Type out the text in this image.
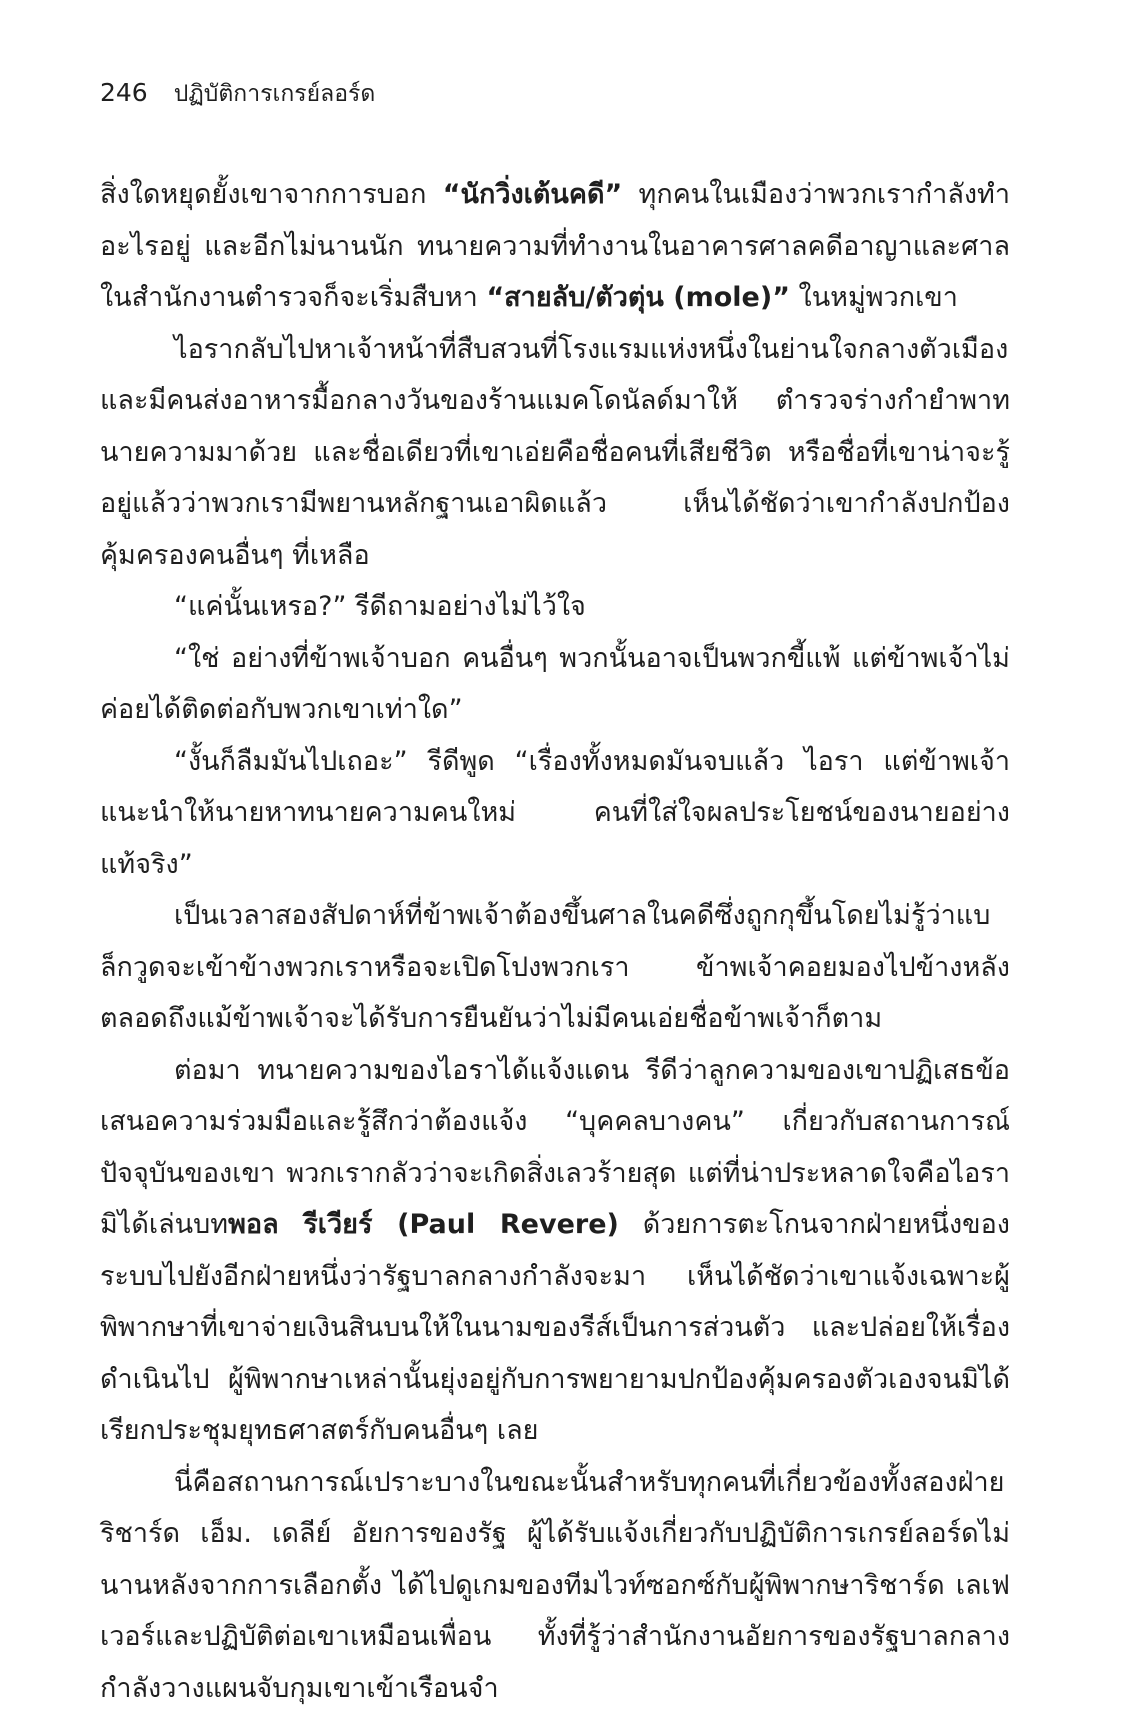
246 ปฏิบัติการเกรย์ลอร์ด

สิ่งใดหยุดยั้งเขาจากการบอก “นักวิ่งเต้นคดี” ทุกคนในเมืองว่าพวกเรากำลังทำอะไรอยู่ และอีกไม่นานนัก ทนายความที่ทำงานในอาคารศาลคดีอาญาและศาลในสำนักงานตำรวจก็จะเริ่มสืบหา “สายลับ/ตัวตุ่น (mole)” ในหมู่พวกเขา

ไอรากลับไปหาเจ้าหน้าที่สืบสวนที่โรงแรมแห่งหนึ่งในย่านใจกลางตัวเมืองและมีคนส่งอาหารมื้อกลางวันของร้านแมคโดนัลด์มาให้ ตำรวจร่างกำยำพาทนายความมาด้วย และชื่อเดียวที่เขาเอ่ยคือชื่อคนที่เสียชีวิต หรือชื่อที่เขาน่าจะรู้อยู่แล้วว่าพวกเรามีพยานหลักฐานเอาผิดแล้ว เห็นได้ชัดว่าเขากำลังปกป้องคุ้มครองคนอื่นๆ ที่เหลือ

“แค่นั้นเหรอ?” รีดีถามอย่างไม่ไว้ใจ

“ใช่ อย่างที่ข้าพเจ้าบอก คนอื่นๆ พวกนั้นอาจเป็นพวกขี้แพ้ แต่ข้าพเจ้าไม่ค่อยได้ติดต่อกับพวกเขาเท่าใด”

“งั้นก็ลืมมันไปเถอะ” รีดีพูด “เรื่องทั้งหมดมันจบแล้ว ไอรา แต่ข้าพเจ้าแนะนำให้นายหาทนายความคนใหม่ คนที่ใส่ใจผลประโยชน์ของนายอย่างแท้จริง”

เป็นเวลาสองสัปดาห์ที่ข้าพเจ้าต้องขึ้นศาลในคดีซึ่งถูกกุขึ้นโดยไม่รู้ว่าแบล็กวูดจะเข้าข้างพวกเราหรือจะเปิดโปงพวกเรา ข้าพเจ้าคอยมองไปข้างหลังตลอดถึงแม้ข้าพเจ้าจะได้รับการยืนยันว่าไม่มีคนเอ่ยชื่อข้าพเจ้าก็ตาม

ต่อมา ทนายความของไอราได้แจ้งแดน รีดีว่าลูกความของเขาปฏิเสธข้อเสนอความร่วมมือและรู้สึกว่าต้องแจ้ง “บุคคลบางคน” เกี่ยวกับสถานการณ์ปัจจุบันของเขา พวกเรากลัวว่าจะเกิดสิ่งเลวร้ายสุด แต่ที่น่าประหลาดใจคือไอรามิได้เล่นบทพอล รีเวียร์ (Paul Revere) ด้วยการตะโกนจากฝ่ายหนึ่งของระบบไปยังอีกฝ่ายหนึ่งว่ารัฐบาลกลางกำลังจะมา เห็นได้ชัดว่าเขาแจ้งเฉพาะผู้พิพากษาที่เขาจ่ายเงินสินบนให้ในนามของรีส์เป็นการส่วนตัว และปล่อยให้เรื่องดำเนินไป ผู้พิพากษาเหล่านั้นยุ่งอยู่กับการพยายามปกป้องคุ้มครองตัวเองจนมิได้เรียกประชุมยุทธศาสตร์กับคนอื่นๆ เลย

นี่คือสถานการณ์เปราะบางในขณะนั้นสำหรับทุกคนที่เกี่ยวข้องทั้งสองฝ่าย ริชาร์ด เอ็ม. เดลีย์ อัยการของรัฐ ผู้ได้รับแจ้งเกี่ยวกับปฏิบัติการเกรย์ลอร์ดไม่นานหลังจากการเลือกตั้ง ได้ไปดูเกมของทีมไวท์ซอกซ์กับผู้พิพากษาริชาร์ด เลเฟเวอร์และปฏิบัติต่อเขาเหมือนเพื่อน ทั้งที่รู้ว่าสำนักงานอัยการของรัฐบาลกลางกำลังวางแผนจับกุมเขาเข้าเรือนจำ
